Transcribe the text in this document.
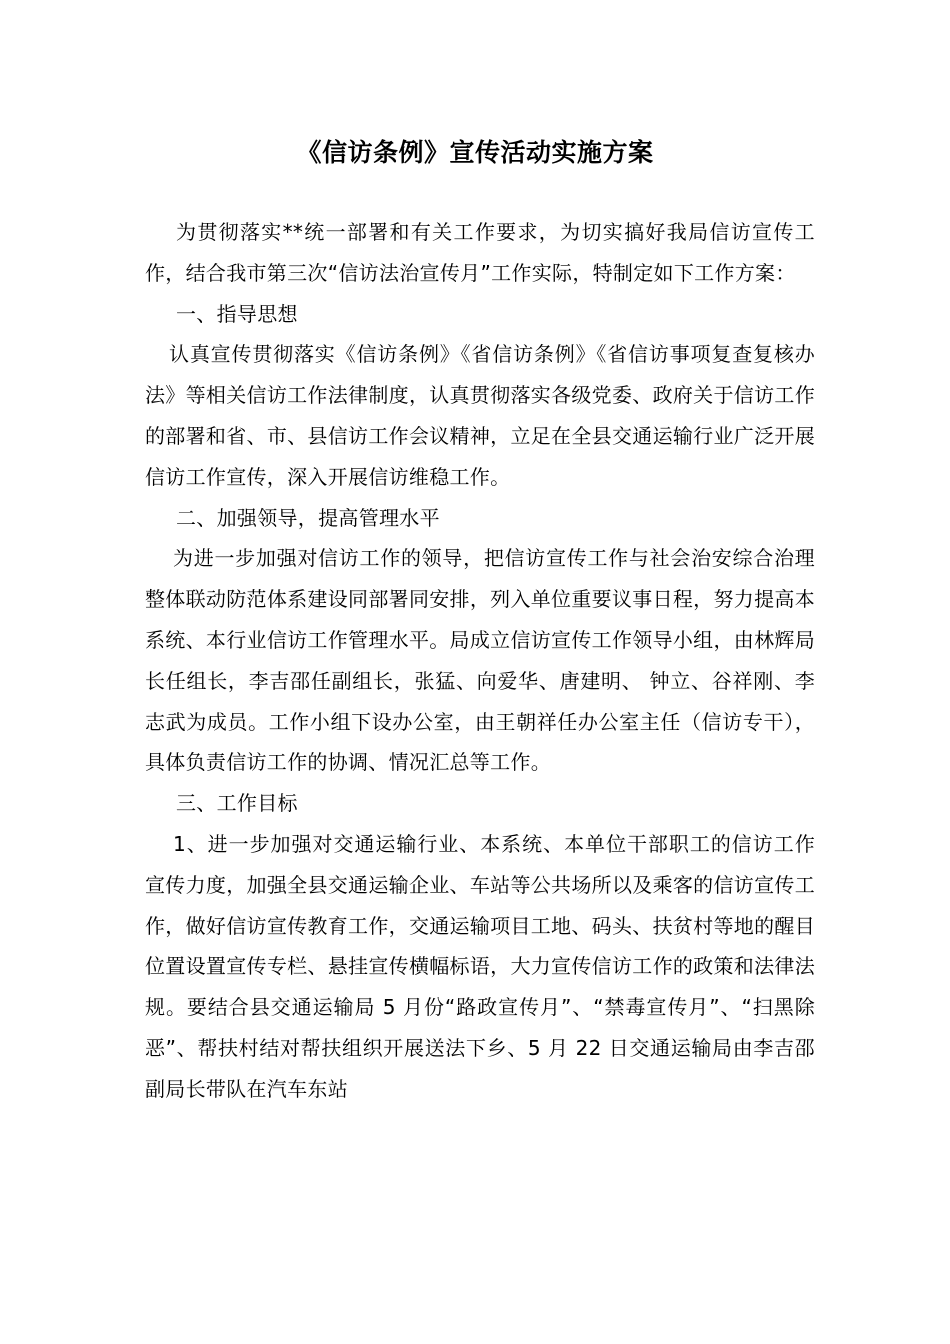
《信访条例》宣传活动实施方案

为贯彻落实**统一部署和有关工作要求，为切实搞好我局信访宣传工作，结合我市第三次“信访法治宣传月”工作实际，特制定如下工作方案：

一、指导思想

认真宣传贯彻落实《信访条例》《省信访条例》《省信访事项复查复核办法》等相关信访工作法律制度，认真贯彻落实各级党委、政府关于信访工作的部署和省、市、县信访工作会议精神，立足在全县交通运输行业广泛开展信访工作宣传，深入开展信访维稳工作。

二、加强领导，提高管理水平

为进一步加强对信访工作的领导，把信访宣传工作与社会治安综合治理整体联动防范体系建设同部署同安排，列入单位重要议事日程，努力提高本系统、本行业信访工作管理水平。局成立信访宣传工作领导小组，由林辉局长任组长，李吉邵任副组长，张猛、向爱华、唐建明、 钟立、谷祥刚、李志武为成员。工作小组下设办公室，由王朝祥任办公室主任（信访专干），具体负责信访工作的协调、情况汇总等工作。

三、工作目标

1、进一步加强对交通运输行业、本系统、本单位干部职工的信访工作宣传力度，加强全县交通运输企业、车站等公共场所以及乘客的信访宣传工作，做好信访宣传教育工作，交通运输项目工地、码头、扶贫村等地的醒目位置设置宣传专栏、悬挂宣传横幅标语，大力宣传信访工作的政策和法律法规。要结合县交通运输局 5 月份“路政宣传月”、“禁毒宣传月”、“扫黑除恶”、帮扶村结对帮扶组织开展送法下乡、5 月 22 日交通运输局由李吉邵副局长带队在汽车东站
